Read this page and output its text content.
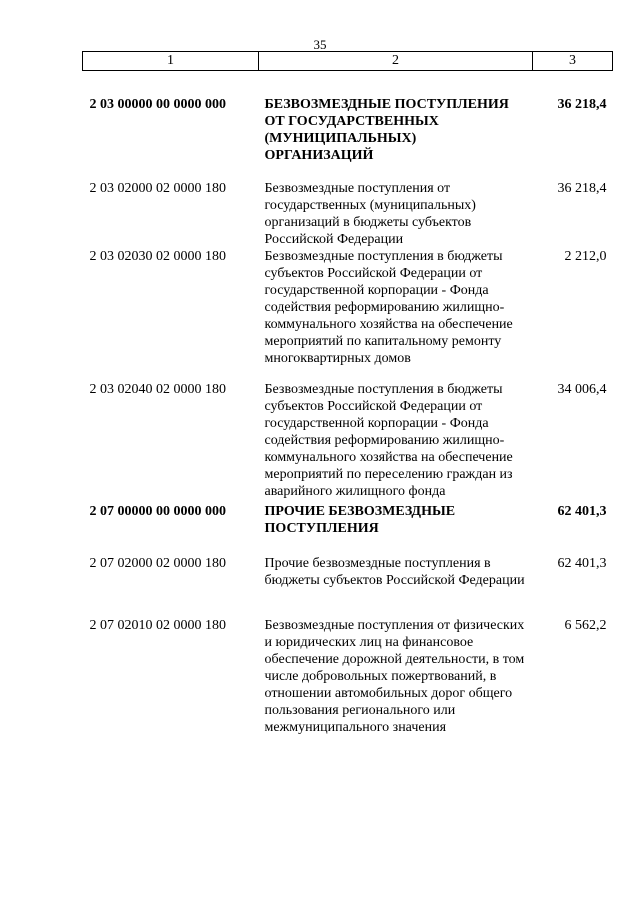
35
1	2	3
2 03 00000 00 0000 000	БЕЗВОЗМЕЗДНЫЕ ПОСТУПЛЕНИЯ ОТ ГОСУДАРСТВЕННЫХ (МУНИЦИПАЛЬНЫХ) ОРГАНИЗАЦИЙ	36 218,4
2 03 02000 02 0000 180	Безвозмездные поступления от государственных (муниципальных) организаций в бюджеты субъектов Российской Федерации	36 218,4
2 03 02030 02 0000 180	Безвозмездные поступления в бюджеты субъектов Российской Федерации от государственной корпорации - Фонда содействия реформированию жилищно-коммунального хозяйства на обеспечение мероприятий по капитальному ремонту многоквартирных домов	2 212,0
2 03 02040 02 0000 180	Безвозмездные поступления в бюджеты субъектов Российской Федерации от государственной корпорации - Фонда содействия реформированию жилищно-коммунального хозяйства на обеспечение мероприятий по переселению граждан из аварийного жилищного фонда	34 006,4
2 07 00000 00 0000 000	ПРОЧИЕ БЕЗВОЗМЕЗДНЫЕ ПОСТУПЛЕНИЯ	62 401,3
2 07 02000 02 0000 180	Прочие безвозмездные поступления в бюджеты субъектов Российской Федерации	62 401,3
2 07 02010 02 0000 180	Безвозмездные поступления от физических и юридических лиц на финансовое обеспечение дорожной деятельности, в том числе добровольных пожертвований, в отношении автомобильных дорог общего пользования регионального или межмуниципального значения	6 562,2
